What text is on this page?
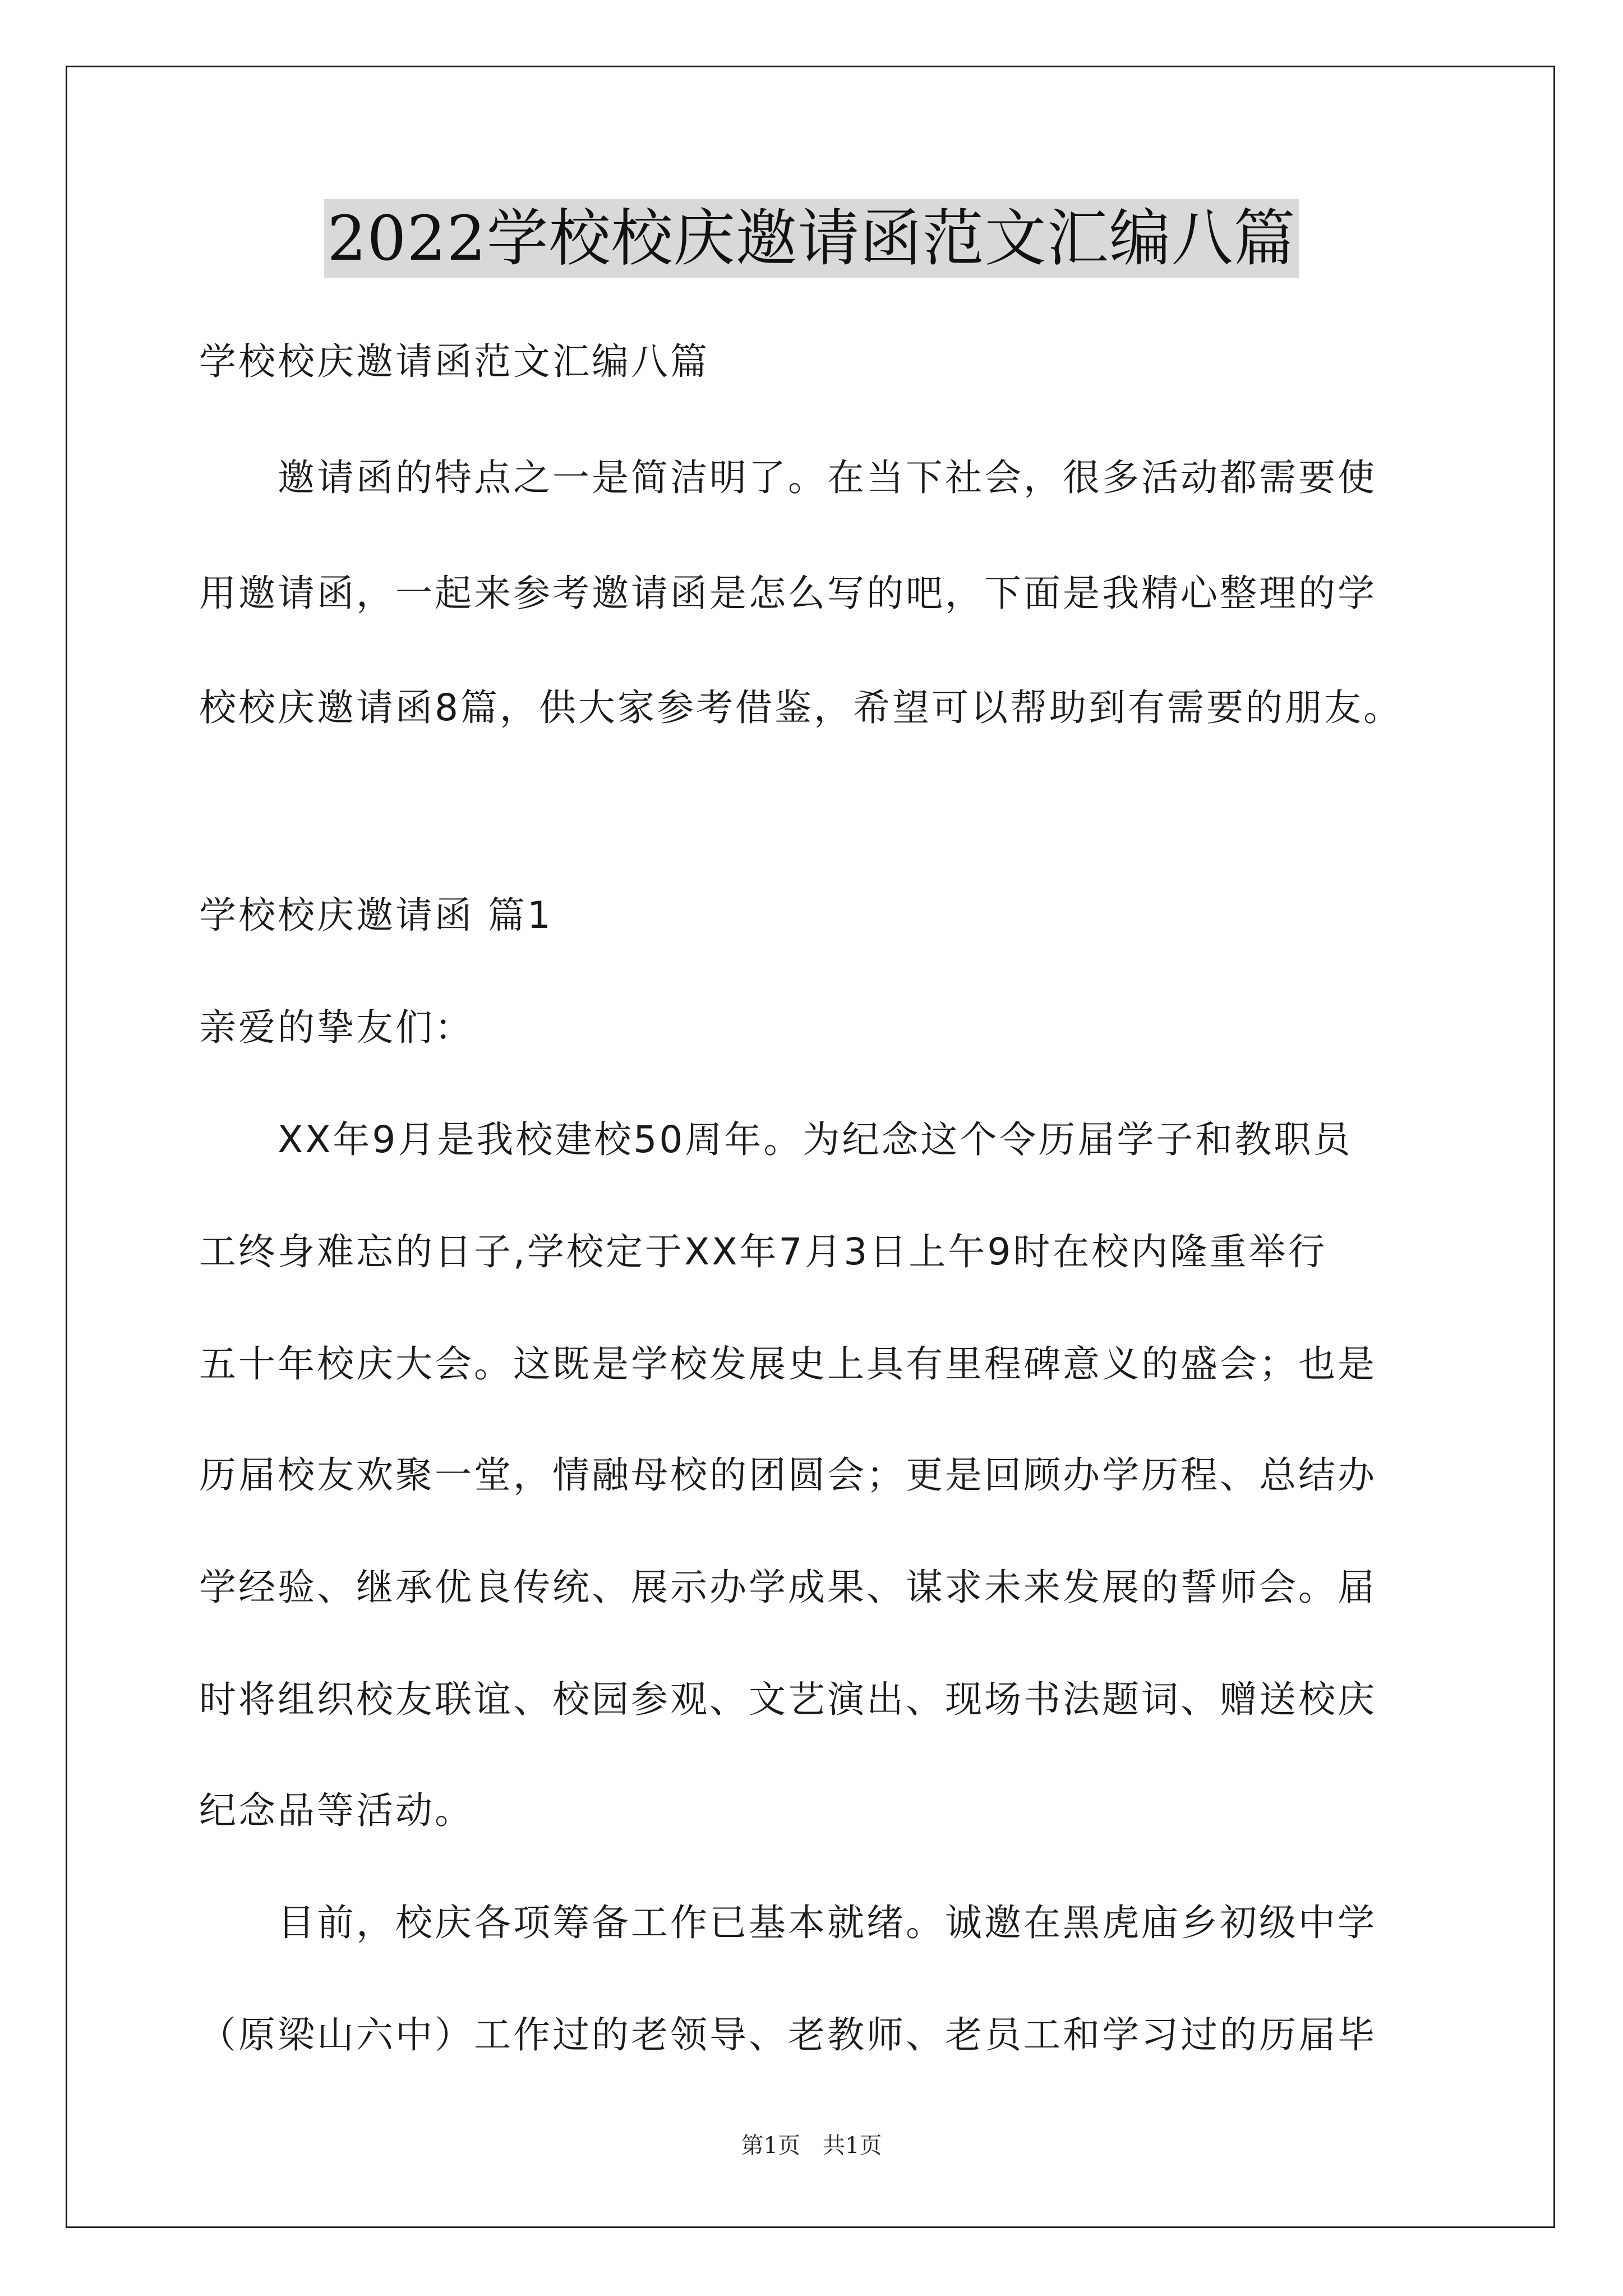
2022学校校庆邀请函范文汇编八篇
学校校庆邀请函范文汇编八篇
邀请函的特点之一是简洁明了。在当下社会，很多活动都需要使
用邀请函，一起来参考邀请函是怎么写的吧，下面是我精心整理的学
校校庆邀请函8篇，供大家参考借鉴，希望可以帮助到有需要的朋友。
学校校庆邀请函 篇1
亲爱的挚友们：
XX年9月是我校建校50周年。为纪念这个令历届学子和教职员
工终身难忘的日子,学校定于XX年7月3日上午9时在校内隆重举行
五十年校庆大会。这既是学校发展史上具有里程碑意义的盛会；也是
历届校友欢聚一堂，情融母校的团圆会；更是回顾办学历程、总结办
学经验、继承优良传统、展示办学成果、谋求未来发展的誓师会。届
时将组织校友联谊、校园参观、文艺演出、现场书法题词、赠送校庆
纪念品等活动。
目前，校庆各项筹备工作已基本就绪。诚邀在黑虎庙乡初级中学
（原梁山六中）工作过的老领导、老教师、老员工和学习过的历届毕
第1页　共1页
